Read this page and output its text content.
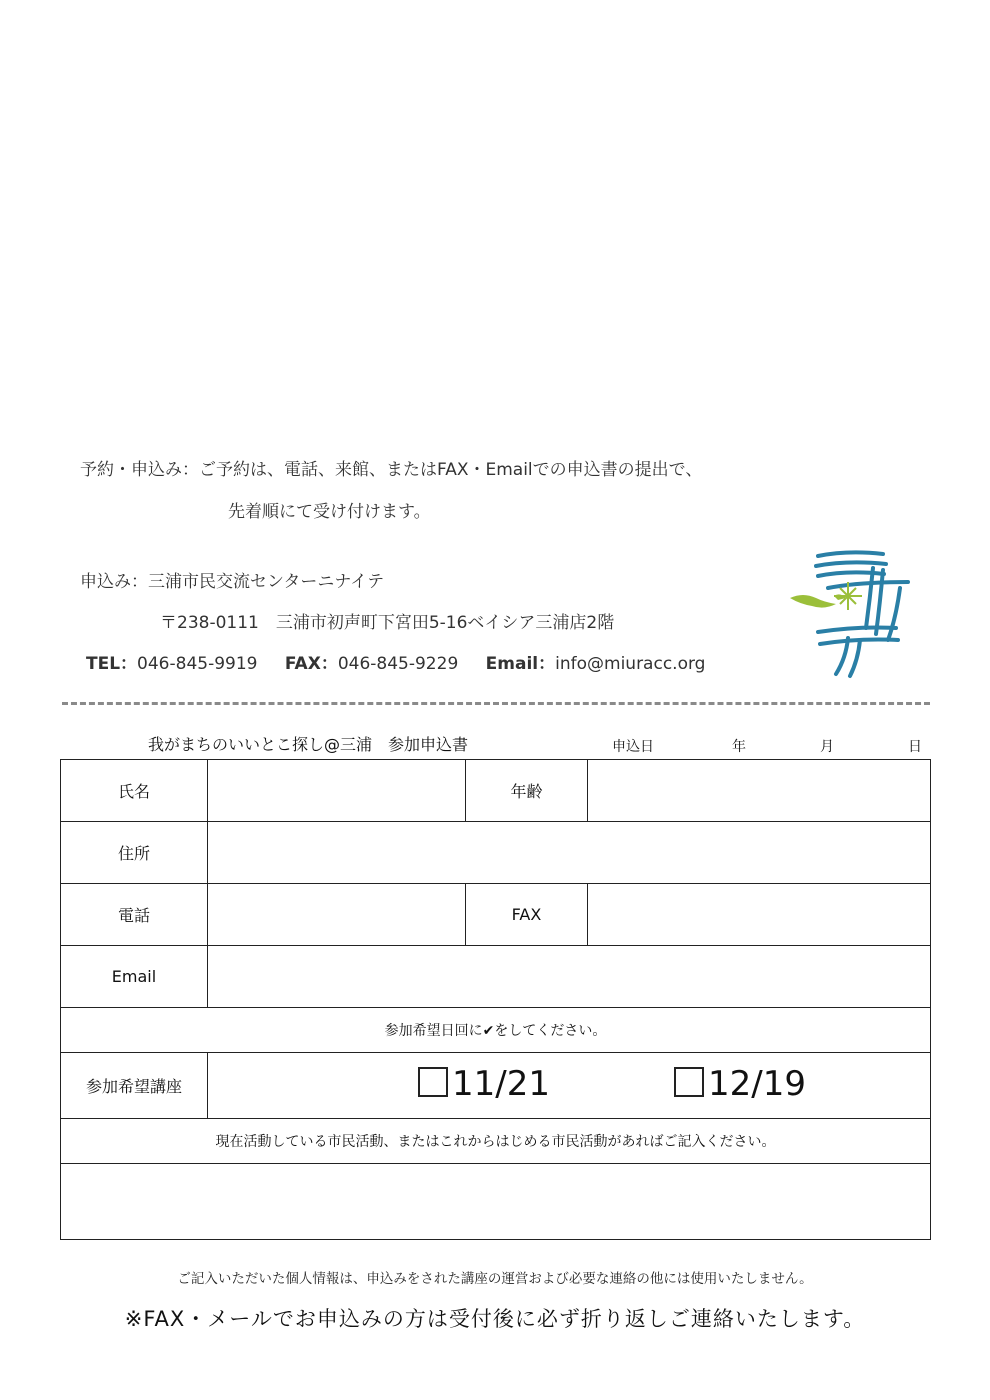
予約・申込み：ご予約は、電話、来館、またはFAX・Emailでの申込書の提出で、
先着順にて受け付けます。
申込み：三浦市民交流センターニナイテ
〒238-0111　三浦市初声町下宮田5-16ベイシア三浦店2階
TEL：046-845-9919 FAX：046-845-9229 Email：info@miuracc.org
我がまちのいいとこ探し@三浦　参加申込書	申込日	年	月	日
氏名		年齢	
住所			
電話		FAX	
Email			
参加希望日回に✔をしてください。			
参加希望講座	11/21 12/19		

現在活動している市民活動、またはこれからはじめる市民活動があればご記入ください。			

ご記入いただいた個人情報は、申込みをされた講座の運営および必要な連絡の他には使用いたしません。
※FAX・メールでお申込みの方は受付後に必ず折り返しご連絡いたします。
